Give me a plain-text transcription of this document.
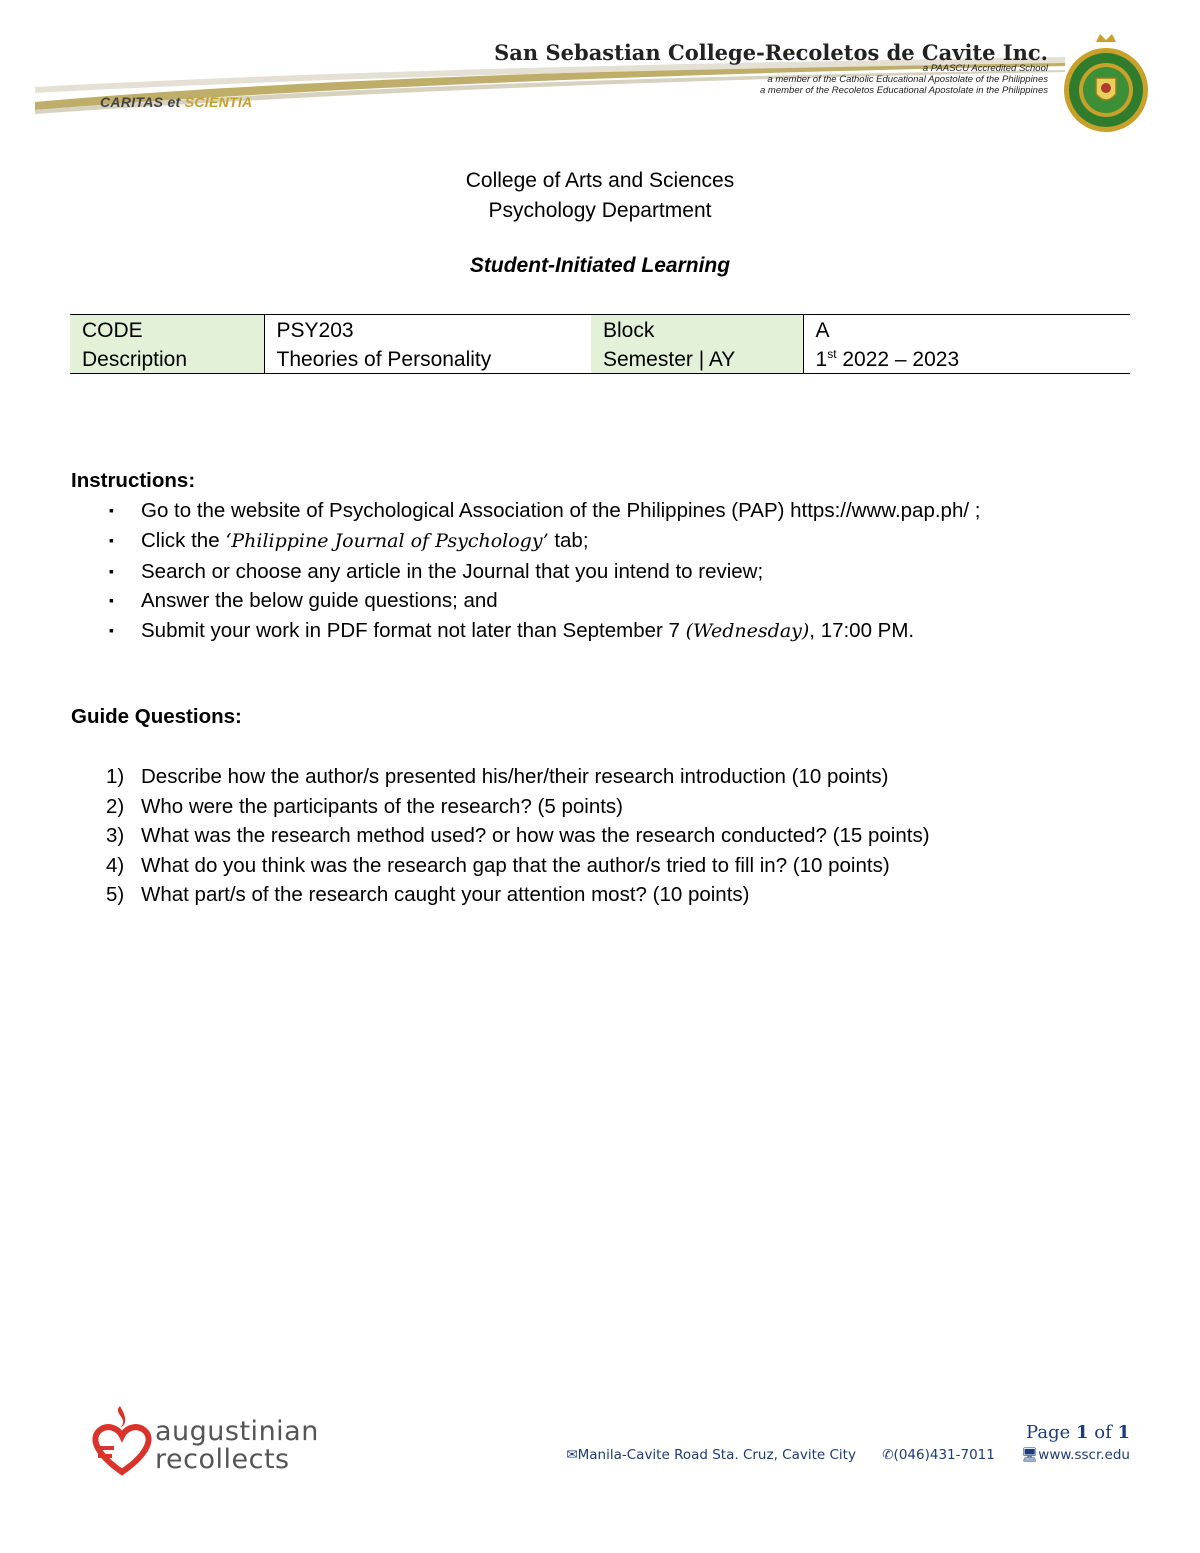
CARITAS et SCIENTIA
San Sebastian College-Recoletos de Cavite Inc.
a PAASCU Accredited School
a member of the Catholic Educational Apostolate of the Philippines
a member of the Recoletos Educational Apostolate in the Philippines
College of Arts and Sciences
Psychology Department
Student-Initiated Learning
CODE	PSY203	Block	A
Description	Theories of Personality	Semester | AY	1st 2022 – 2023

Instructions:

▪ Go to the website of Psychological Association of the Philippines (PAP) https://www.pap.ph/ ;
▪ Click the ‘Philippine Journal of Psychology’ tab;
▪ Search or choose any article in the Journal that you intend to review;
▪ Answer the below guide questions; and
▪ Submit your work in PDF format not later than September 7 (Wednesday), 17:00 PM.

Guide Questions:

1) Describe how the author/s presented his/her/their research introduction (10 points)
2) Who were the participants of the research? (5 points)
3) What was the research method used? or how was the research conducted? (15 points)
4) What do you think was the research gap that the author/s tried to fill in? (10 points)
5) What part/s of the research caught your attention most? (10 points)
augustinian
recollects
Page 1 of 1
✉Manila-Cavite Road Sta. Cruz, Cavite City ✆(046)431-7011 🖥www.sscr.edu
